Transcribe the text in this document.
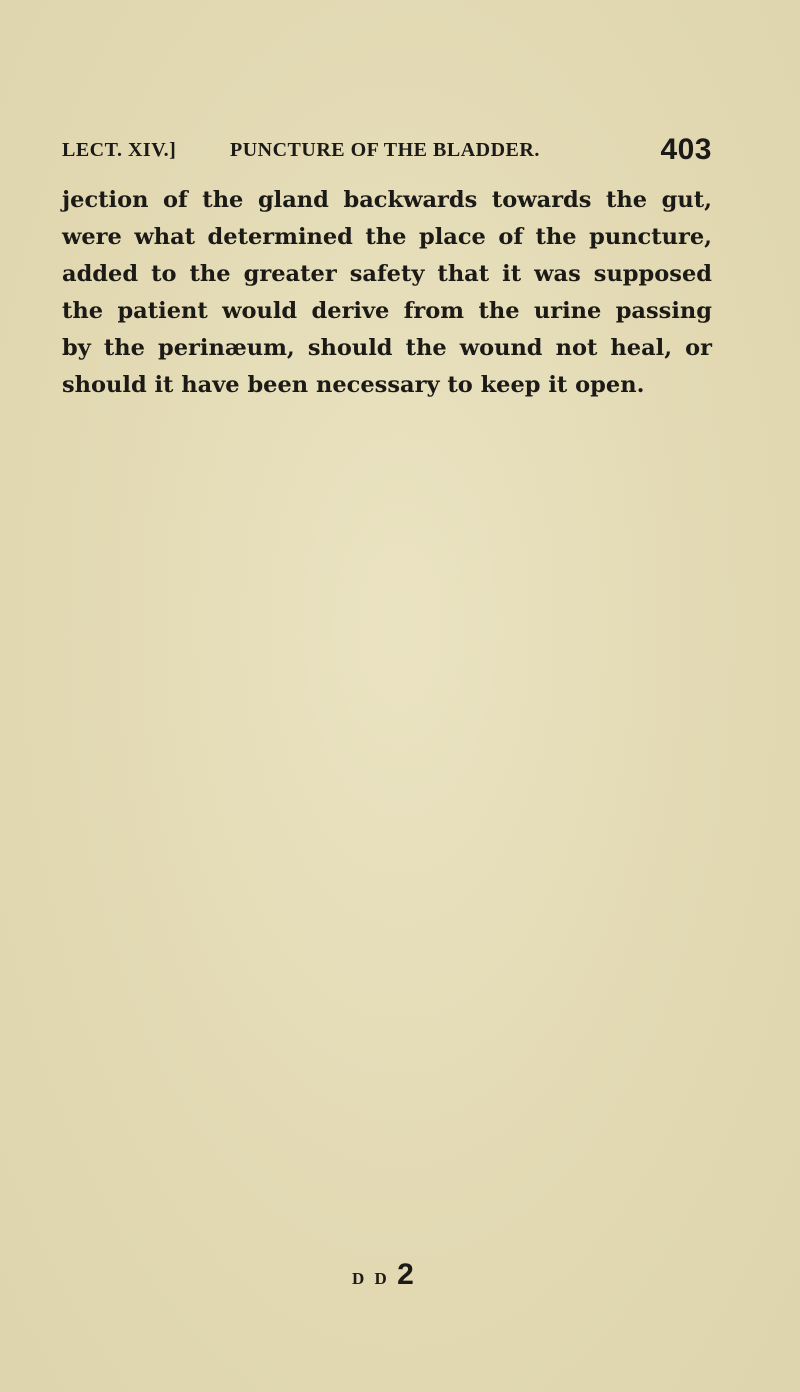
LECT. XIV.]	PUNCTURE OF THE BLADDER.	403
jection of the gland backwards towards the gut,
were what determined the place of the puncture,
added to the greater safety that it was supposed
the patient would derive from the urine passing
by the perinæum, should the wound not heal, or
should it have been necessary to keep it open.
D D 2
